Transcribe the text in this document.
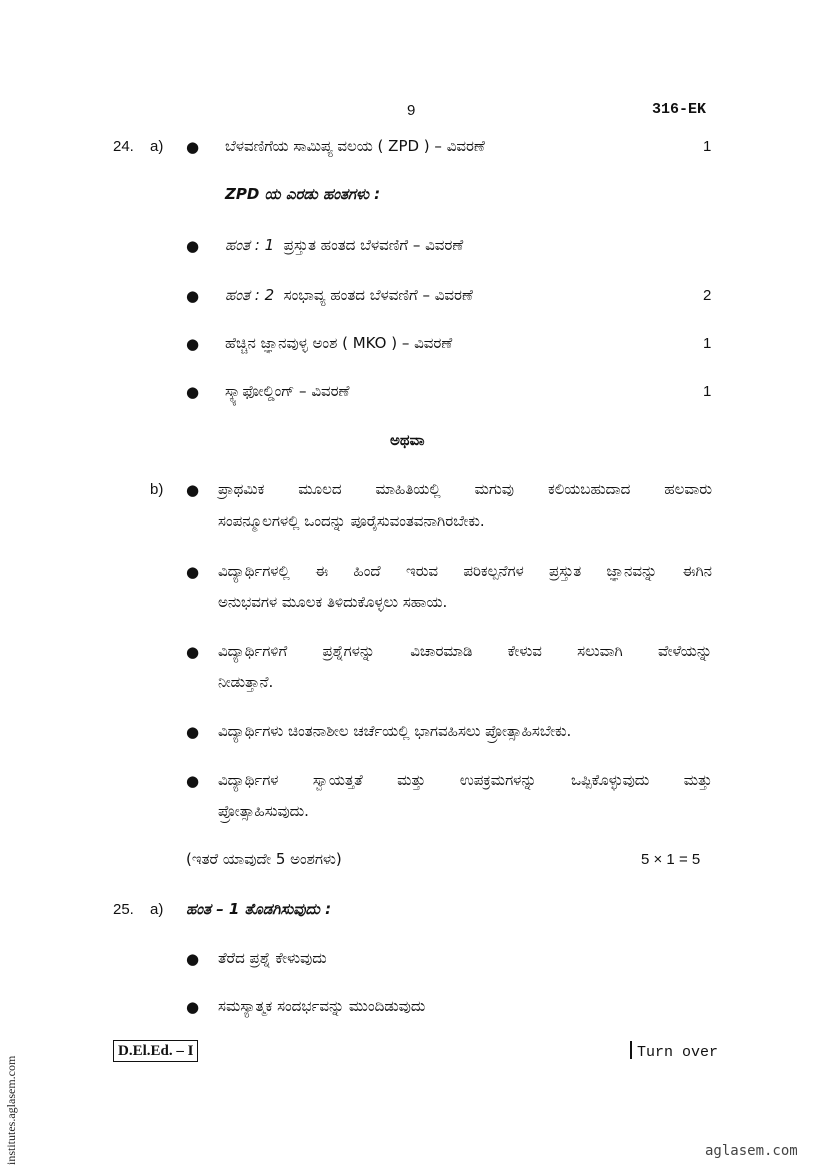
9	316-EK
24. a) ● ಬೆಳವಣಿಗೆಯ ಸಾಮಿಪ್ಯ ವಲಯ ( ZPD ) – ವಿವರಣೆ	1
ZPD ಯ ಎರಡು ಹಂತಗಳು :
● ಹಂತ : 1 ಪ್ರಸ್ತುತ ಹಂತದ ಬೆಳವಣಿಗೆ – ವಿವರಣೆ
● ಹಂತ : 2 ಸಂಭಾವ್ಯ ಹಂತದ ಬೆಳವಣಿಗೆ – ವಿವರಣೆ	2
● ಹೆಚ್ಚಿನ ಜ್ಞಾನವುಳ್ಳ ಅಂಶ ( MKO ) – ವಿವರಣೆ	1
● ಸ್ಕ್ಯಾಫೋಲ್ಡಿಂಗ್ – ವಿವರಣೆ	1
ಅಥವಾ
b) ● ಪ್ರಾಥಮಿಕ ಮೂಲದ ಮಾಹಿತಿಯಲ್ಲಿ ಮಗುವು ಕಲಿಯಬಹುದಾದ ಹಲವಾರು
ಸಂಪನ್ಮೂಲಗಳಲ್ಲಿ ಒಂದನ್ನು ಪೂರೈಸುವಂತವನಾಗಿರಬೇಕು.
● ವಿದ್ಯಾರ್ಥಿಗಳಲ್ಲಿ ಈ ಹಿಂದೆ ಇರುವ ಪರಿಕಲ್ಪನೆಗಳ ಪ್ರಸ್ತುತ ಜ್ಞಾನವನ್ನು ಈಗಿನ
ಅನುಭವಗಳ ಮೂಲಕ ತಿಳಿದುಕೊಳ್ಳಲು ಸಹಾಯ.
● ವಿದ್ಯಾರ್ಥಿಗಳಿಗೆ ಪ್ರಶ್ನೆಗಳನ್ನು ವಿಚಾರಮಾಡಿ ಕೇಳುವ ಸಲುವಾಗಿ ವೇಳೆಯನ್ನು
ನೀಡುತ್ತಾನೆ.
● ವಿದ್ಯಾರ್ಥಿಗಳು ಚಿಂತನಾಶೀಲ ಚರ್ಚೆಯಲ್ಲಿ ಭಾಗವಹಿಸಲು ಪ್ರೋತ್ಸಾಹಿಸಬೇಕು.
● ವಿದ್ಯಾರ್ಥಿಗಳ ಸ್ವಾಯತ್ತತೆ ಮತ್ತು ಉಪಕ್ರಮಗಳನ್ನು ಒಪ್ಪಿಕೊಳ್ಳುವುದು ಮತ್ತು
ಪ್ರೋತ್ಸಾಹಿಸುವುದು.
(ಇತರೆ ಯಾವುದೇ 5 ಅಂಶಗಳು)	5 × 1 = 5
25. a) ಹಂತ – 1 ತೊಡಗಿಸುವುದು :
● ತೆರೆದ ಪ್ರಶ್ನೆ ಕೇಳುವುದು
● ಸಮಸ್ಯಾತ್ಮಕ ಸಂದರ್ಭವನ್ನು ಮುಂದಿಡುವುದು
D.El.Ed. – I	Turn over
institutes.aglasem.com	aglasem.com
